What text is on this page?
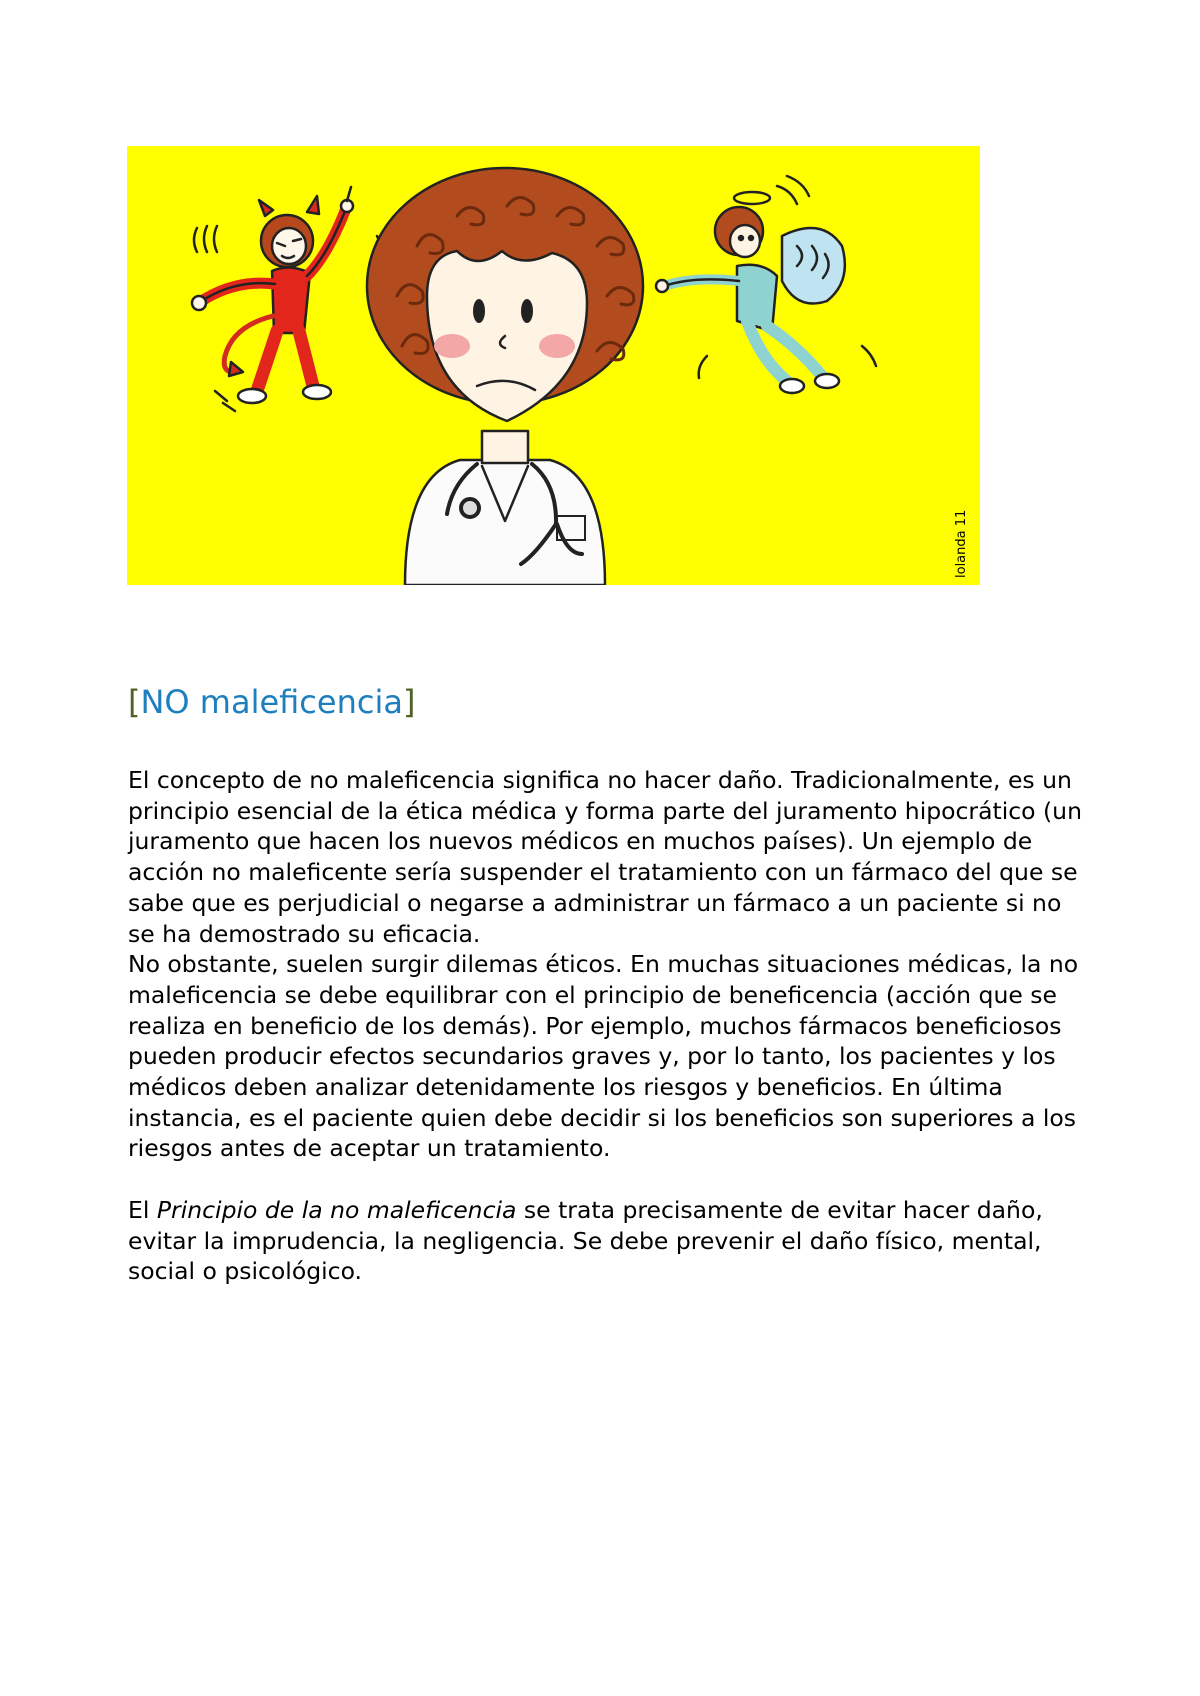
lolanda 11
[NO maleficencia]

El concepto de no maleficencia significa no hacer daño. Tradicionalmente, es un principio esencial de la ética médica y forma parte del juramento hipocrático (un juramento que hacen los nuevos médicos en muchos países). Un ejemplo de acción no maleficente sería suspender el tratamiento con un fármaco del que se sabe que es perjudicial o negarse a administrar un fármaco a un paciente si no se ha demostrado su eficacia.

No obstante, suelen surgir dilemas éticos. En muchas situaciones médicas, la no maleficencia se debe equilibrar con el principio de beneficencia (acción que se realiza en beneficio de los demás). Por ejemplo, muchos fármacos beneficiosos pueden producir efectos secundarios graves y, por lo tanto, los pacientes y los médicos deben analizar detenidamente los riesgos y beneficios. En última instancia, es el paciente quien debe decidir si los beneficios son superiores a los riesgos antes de aceptar un tratamiento.

El Principio de la no maleficencia se trata precisamente de evitar hacer daño, evitar la imprudencia, la negligencia. Se debe prevenir el daño físico, mental, social o psicológico.
